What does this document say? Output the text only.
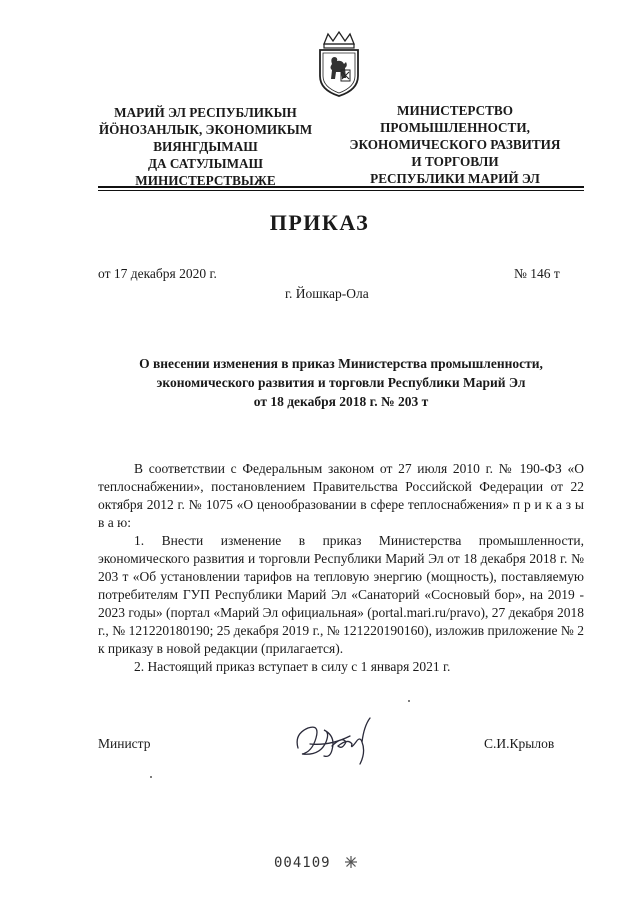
МАРИЙ ЭЛ РЕСПУБЛИКЫН
ЙӦНОЗАНЛЫК, ЭКОНОМИКЫМ
ВИЯНГДЫМАШ
ДА САТУЛЫМАШ
МИНИСТЕРСТВЫЖЕ
МИНИСТЕРСТВО
ПРОМЫШЛЕННОСТИ,
ЭКОНОМИЧЕСКОГО РАЗВИТИЯ
И ТОРГОВЛИ
РЕСПУБЛИКИ МАРИЙ ЭЛ
ПРИКАЗ
от 17 декабря 2020 г.	№ 146 т
г. Йошкар-Ола
О внесении изменения в приказ Министерства промышленности,
экономического развития и торговли Республики Марий Эл
от 18 декабря 2018 г. № 203 т
В соответствии с Федеральным законом от 27 июля 2010 г. № 190-ФЗ «О теплоснабжении», постановлением Правительства Российской Федерации от 22 октября 2012 г. № 1075 «О ценообразовании в сфере теплоснабжения» п р и к а з ы в а ю:
1. Внести изменение в приказ Министерства промышленности, экономического развития и торговли Республики Марий Эл от 18 декабря 2018 г. № 203 т «Об установлении тарифов на тепловую энергию (мощность), поставляемую потребителям ГУП Республики Марий Эл «Санаторий «Сосновый бор», на 2019 - 2023 годы» (портал «Марий Эл официальная» (portal.mari.ru/pravo), 27 декабря 2018 г., № 121220180190; 25 декабря 2019 г., № 121220190160), изложив приложение № 2 к приказу в новой редакции (прилагается).
2. Настоящий приказ вступает в силу с 1 января 2021 г.
Министр	С.И.Крылов
004109
